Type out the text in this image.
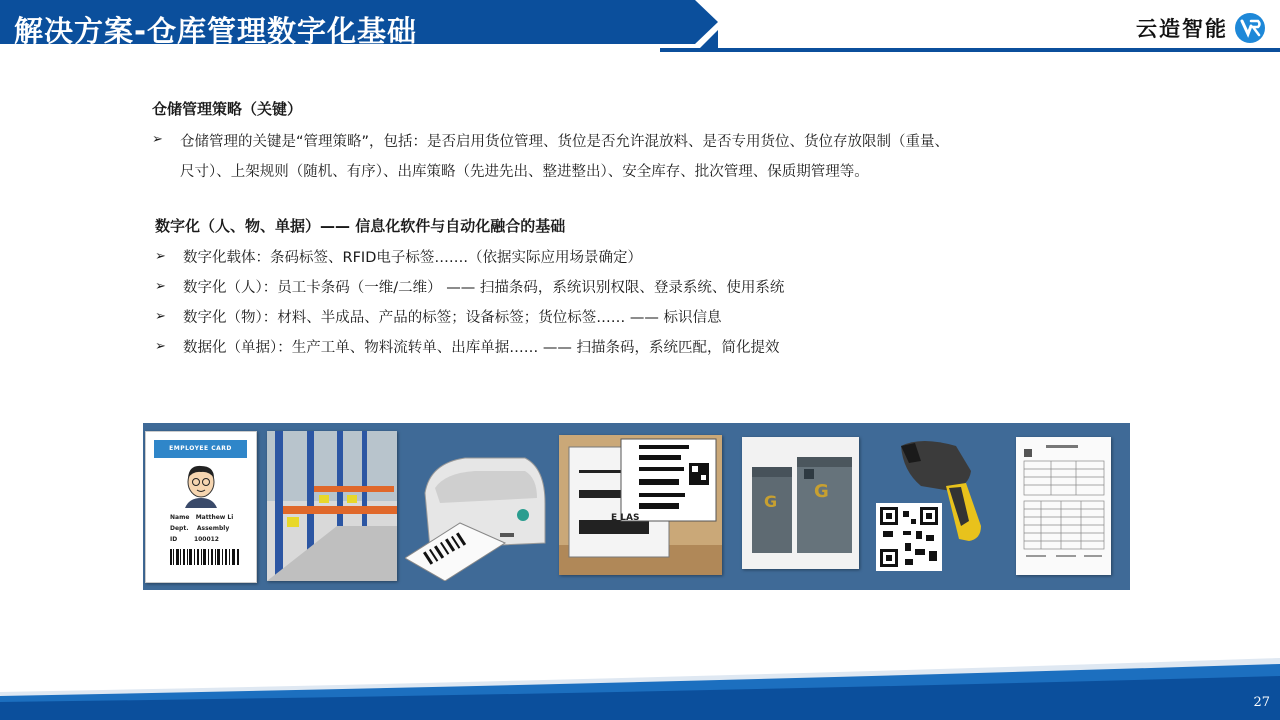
解决方案-仓库管理数字化基础	云造智能
仓储管理策略（关键）
➢ 仓储管理的关键是“管理策略”，包括：是否启用货位管理、货位是否允许混放料、是否专用货位、货位存放限制（重量、
尺寸）、上架规则（随机、有序）、出库策略（先进先出、整进整出）、安全库存、批次管理、保质期管理等。
数字化（人、物、单据）—— 信息化软件与自动化融合的基础
➢ 数字化载体：条码标签、RFID电子标签…….（依据实际应用场景确定）
➢ 数字化（人）：员工卡条码（一维/二维） —— 扫描条码，系统识别权限、登录系统、使用系统
➢ 数字化（物）：材料、半成品、产品的标签；设备标签；货位标签…… —— 标识信息
➢ 数据化（单据）：生产工单、物料流转单、出库单据…… —— 扫描条码，系统匹配，简化提效
EMPLOYEE CARD
Name Matthew Li
Dept. Assembly
ID	100012
E LAS
G G
27
